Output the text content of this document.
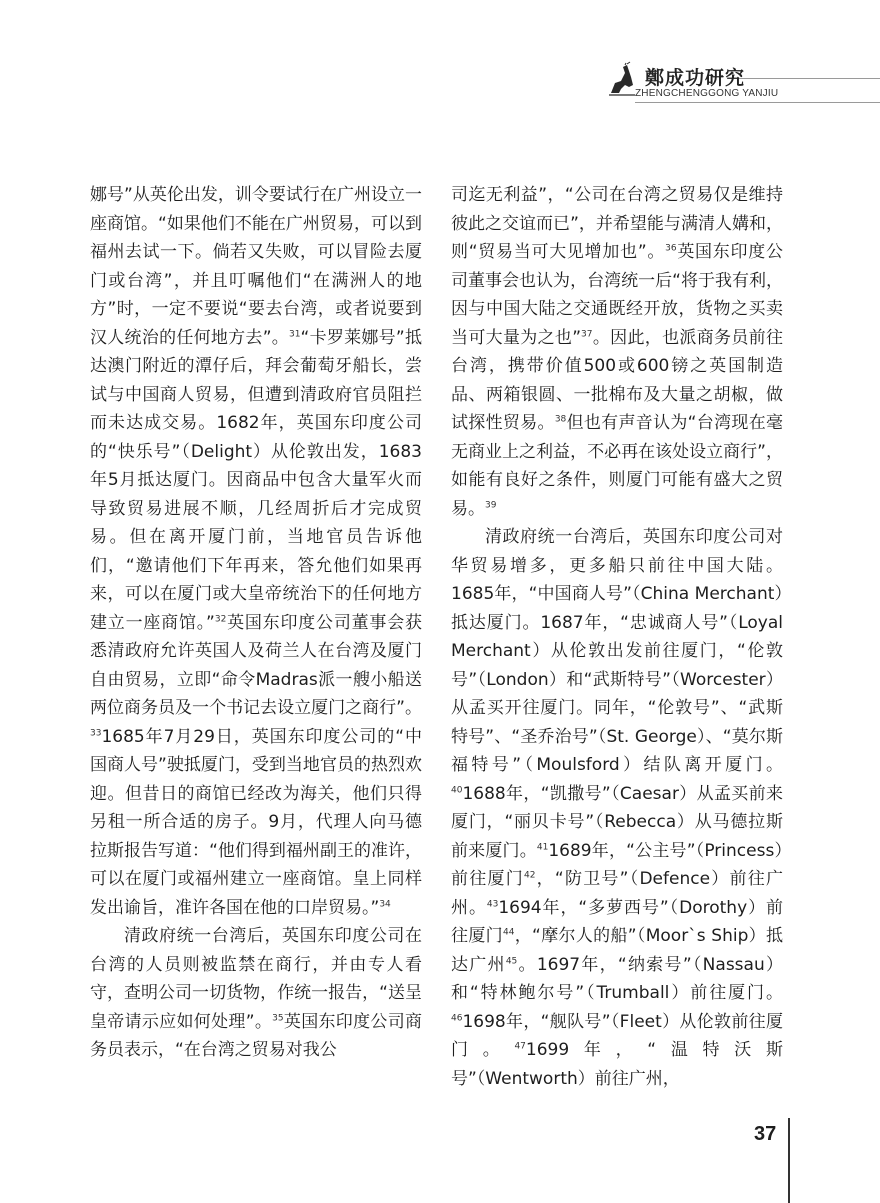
鄭成功研究
ZHENGCHENGGONG YANJIU

娜号”从英伦出发，训令要试行在广州设立一座商馆。“如果他们不能在广州贸易，可以到福州去试一下。倘若又失败，可以冒险去厦门或台湾”，并且叮嘱他们“在满洲人的地方”时，一定不要说“要去台湾，或者说要到汉人统治的任何地方去”。$^{31}$“卡罗莱娜号”抵达澳门附近的潭仔后，拜会葡萄牙船长，尝试与中国商人贸易，但遭到清政府官员阻拦而未达成交易。1682年，英国东印度公司的“快乐号”（Delight）从伦敦出发，1683年5月抵达厦门。因商品中包含大量军火而导致贸易进展不顺，几经周折后才完成贸易。但在离开厦门前，当地官员告诉他们，“邀请他们下年再来，答允他们如果再来，可以在厦门或大皇帝统治下的任何地方建立一座商馆。”$^{32}$英国东印度公司董事会获悉清政府允许英国人及荷兰人在台湾及厦门自由贸易，立即“命令Madras派一艘小船送两位商务员及一个书记去设立厦门之商行”。$^{33}$1685年7月29日，英国东印度公司的“中国商人号”驶抵厦门，受到当地官员的热烈欢迎。但昔日的商馆已经改为海关，他们只得另租一所合适的房子。9月，代理人向马德拉斯报告写道：“他们得到福州副王的准许，可以在厦门或福州建立一座商馆。皇上同样发出谕旨，准许各国在他的口岸贸易。”$^{34}$

清政府统一台湾后，英国东印度公司在台湾的人员则被监禁在商行，并由专人看守，查明公司一切货物，作统一报告，“送呈皇帝请示应如何处理”。$^{35}$英国东印度公司商务员表示，“在台湾之贸易对我公

司迄无利益”，“公司在台湾之贸易仅是维持彼此之交谊而已”，并希望能与满清人媾和，则“贸易当可大见增加也”。$^{36}$英国东印度公司董事会也认为，台湾统一后“将于我有利，因与中国大陆之交通既经开放，货物之买卖当可大量为之也”$^{37}$。因此，也派商务员前往台湾，携带价值500或600镑之英国制造品、两箱银圆、一批棉布及大量之胡椒，做试探性贸易。$^{38}$但也有声音认为“台湾现在毫无商业上之利益，不必再在该处设立商行”，如能有良好之条件，则厦门可能有盛大之贸易。$^{39}$

清政府统一台湾后，英国东印度公司对华贸易增多，更多船只前往中国大陆。1685年，“中国商人号”（China Merchant）抵达厦门。1687年，“忠诚商人号”（Loyal Merchant）从伦敦出发前往厦门，“伦敦号”（London）和“武斯特号”（Worcester）从孟买开往厦门。同年，“伦敦号”、“武斯特号”、“圣乔治号”（St. George）、“莫尔斯福特号”（Moulsford）结队离开厦门。$^{40}$1688年，“凯撒号”（Caesar）从孟买前来厦门，“丽贝卡号”（Rebecca）从马德拉斯前来厦门。$^{41}$1689年，“公主号”（Princess）前往厦门$^{42}$，“防卫号”（Defence）前往广州。$^{43}$1694年，“多萝西号”（Dorothy）前往厦门$^{44}$，“摩尔人的船”（Moor`s Ship）抵达广州$^{45}$。1697年，“纳索号”（Nassau）和“特林鲍尔号”（Trumball）前往厦门。$^{46}$1698年，“舰队号”（Fleet）从伦敦前往厦门。$^{47}$1699年，“温特沃斯号”（Wentworth）前往广州，

37
